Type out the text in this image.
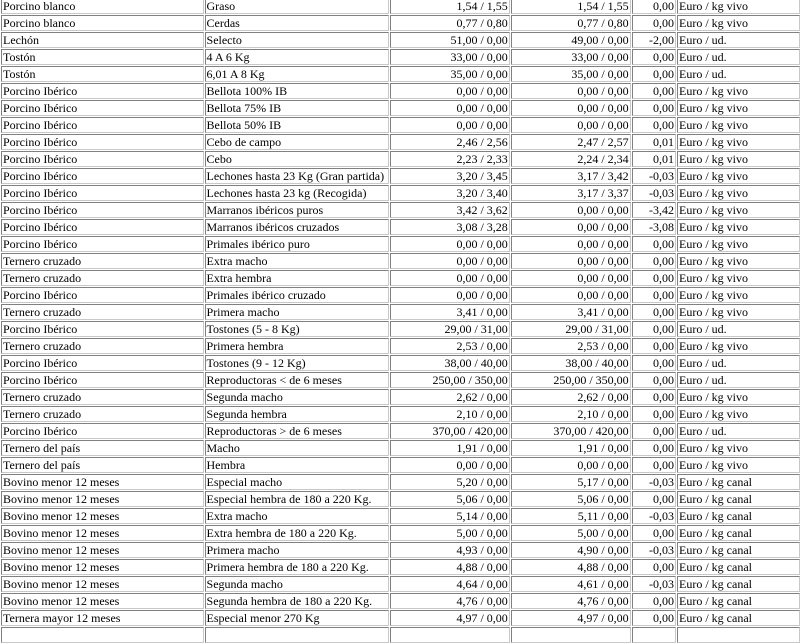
Porcino blanco	Graso	1,54 / 1,55	1,54 / 1,55	0,00	Euro / kg vivo
Porcino blanco	Cerdas	0,77 / 0,80	0,77 / 0,80	0,00	Euro / kg vivo
Lechón	Selecto	51,00 / 0,00	49,00 / 0,00	-2,00	Euro / ud.
Tostón	4 A 6 Kg	33,00 / 0,00	33,00 / 0,00	0,00	Euro / ud.
Tostón	6,01 A 8 Kg	35,00 / 0,00	35,00 / 0,00	0,00	Euro / ud.
Porcino Ibérico	Bellota 100% IB	0,00 / 0,00	0,00 / 0,00	0,00	Euro / kg vivo
Porcino Ibérico	Bellota 75% IB	0,00 / 0,00	0,00 / 0,00	0,00	Euro / kg vivo
Porcino Ibérico	Bellota 50% IB	0,00 / 0,00	0,00 / 0,00	0,00	Euro / kg vivo
Porcino Ibérico	Cebo de campo	2,46 / 2,56	2,47 / 2,57	0,01	Euro / kg vivo
Porcino Ibérico	Cebo	2,23 / 2,33	2,24 / 2,34	0,01	Euro / kg vivo
Porcino Ibérico	Lechones hasta 23 Kg (Gran partida)	3,20 / 3,45	3,17 / 3,42	-0,03	Euro / kg vivo
Porcino Ibérico	Lechones hasta 23 kg (Recogida)	3,20 / 3,40	3,17 / 3,37	-0,03	Euro / kg vivo
Porcino Ibérico	Marranos ibéricos puros	3,42 / 3,62	0,00 / 0,00	-3,42	Euro / kg vivo
Porcino Ibérico	Marranos ibéricos cruzados	3,08 / 3,28	0,00 / 0,00	-3,08	Euro / kg vivo
Porcino Ibérico	Primales ibérico puro	0,00 / 0,00	0,00 / 0,00	0,00	Euro / kg vivo
Ternero cruzado	Extra macho	0,00 / 0,00	0,00 / 0,00	0,00	Euro / kg vivo
Ternero cruzado	Extra hembra	0,00 / 0,00	0,00 / 0,00	0,00	Euro / kg vivo
Porcino Ibérico	Primales ibérico cruzado	0,00 / 0,00	0,00 / 0,00	0,00	Euro / kg vivo
Ternero cruzado	Primera macho	3,41 / 0,00	3,41 / 0,00	0,00	Euro / kg vivo
Porcino Ibérico	Tostones (5 - 8 Kg)	29,00 / 31,00	29,00 / 31,00	0,00	Euro / ud.
Ternero cruzado	Primera hembra	2,53 / 0,00	2,53 / 0,00	0,00	Euro / kg vivo
Porcino Ibérico	Tostones (9 - 12 Kg)	38,00 / 40,00	38,00 / 40,00	0,00	Euro / ud.
Porcino Ibérico	Reproductoras < de 6 meses	250,00 / 350,00	250,00 / 350,00	0,00	Euro / ud.
Ternero cruzado	Segunda macho	2,62 / 0,00	2,62 / 0,00	0,00	Euro / kg vivo
Ternero cruzado	Segunda hembra	2,10 / 0,00	2,10 / 0,00	0,00	Euro / kg vivo
Porcino Ibérico	Reproductoras > de 6 meses	370,00 / 420,00	370,00 / 420,00	0,00	Euro / ud.
Ternero del país	Macho	1,91 / 0,00	1,91 / 0,00	0,00	Euro / kg vivo
Ternero del país	Hembra	0,00 / 0,00	0,00 / 0,00	0,00	Euro / kg vivo
Bovino menor 12 meses	Especial macho	5,20 / 0,00	5,17 / 0,00	-0,03	Euro / kg canal
Bovino menor 12 meses	Especial hembra de 180 a 220 Kg.	5,06 / 0,00	5,06 / 0,00	0,00	Euro / kg canal
Bovino menor 12 meses	Extra macho	5,14 / 0,00	5,11 / 0,00	-0,03	Euro / kg canal
Bovino menor 12 meses	Extra hembra de 180 a 220 Kg.	5,00 / 0,00	5,00 / 0,00	0,00	Euro / kg canal
Bovino menor 12 meses	Primera macho	4,93 / 0,00	4,90 / 0,00	-0,03	Euro / kg canal
Bovino menor 12 meses	Primera hembra de 180 a 220 Kg.	4,88 / 0,00	4,88 / 0,00	0,00	Euro / kg canal
Bovino menor 12 meses	Segunda macho	4,64 / 0,00	4,61 / 0,00	-0,03	Euro / kg canal
Bovino menor 12 meses	Segunda hembra de 180 a 220 Kg.	4,76 / 0,00	4,76 / 0,00	0,00	Euro / kg canal
Ternera mayor 12 meses	Especial menor 270 Kg	4,97 / 0,00	4,97 / 0,00	0,00	Euro / kg canal
